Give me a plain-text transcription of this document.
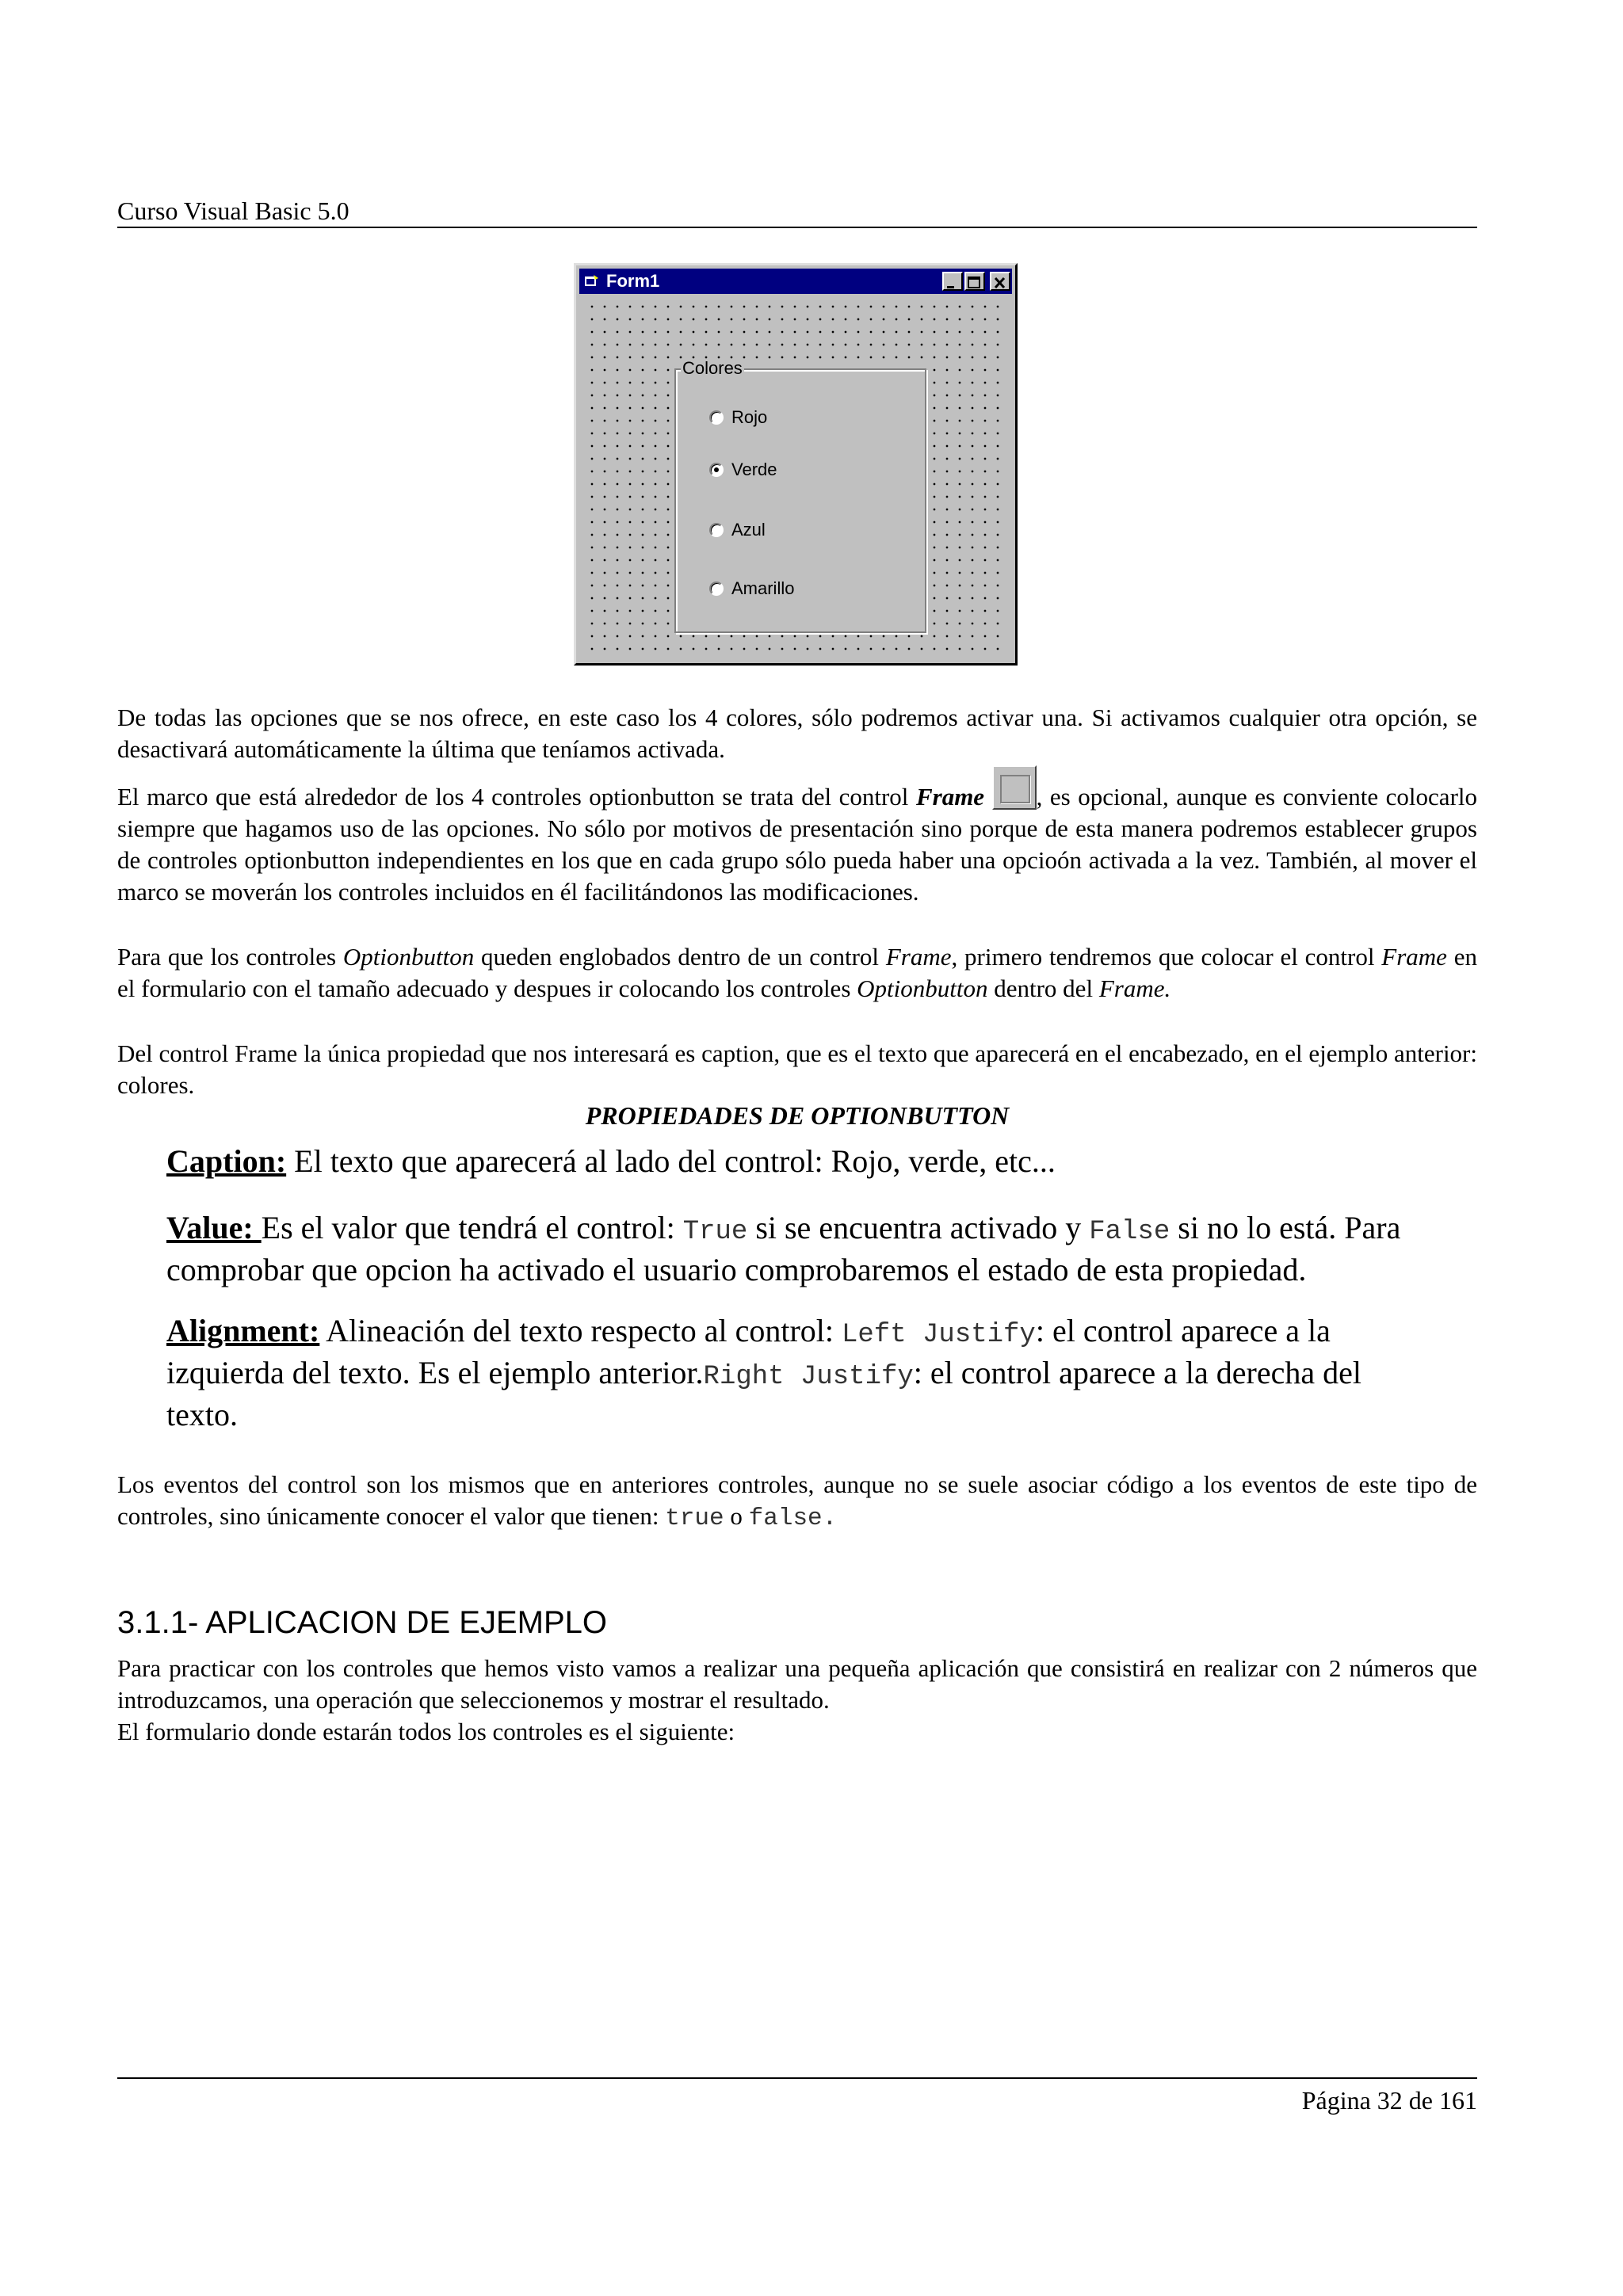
Curso Visual Basic 5.0
Form1
Colores
Rojo
Verde
Azul
Amarillo
De todas las opciones que se nos ofrece, en este caso los 4 colores, sólo podremos activar una. Si activamos cualquier otra opción, se desactivará automáticamente la última que teníamos activada.
El marco que está alrededor de los 4 controles optionbutton se trata del control Frame , es opcional, aunque es conviente colocarlo siempre que hagamos uso de las opciones. No sólo por motivos de presentación sino porque de esta manera podremos establecer grupos de controles optionbutton independientes en los que en cada grupo sólo pueda haber una opcioón activada a la vez. También, al mover el marco se moverán los controles incluidos en él facilitándonos las modificaciones.
Para que los controles Optionbutton queden englobados dentro de un control Frame, primero tendremos que colocar el control Frame en el formulario con el tamaño adecuado y despues ir colocando los controles Optionbutton dentro del Frame.
Del control Frame la única propiedad que nos interesará es caption, que es el texto que aparecerá en el encabezado, en el ejemplo anterior: colores.
PROPIEDADES DE OPTIONBUTTON
Caption: El texto que aparecerá al lado del control: Rojo, verde, etc...
Value: Es el valor que tendrá el control: True si se encuentra activado y False si no lo está. Para comprobar que opcion ha activado el usuario comprobaremos el estado de esta propiedad.
Alignment: Alineación del texto respecto al control: Left Justify: el control aparece a la izquierda del texto. Es el ejemplo anterior.Right Justify: el control aparece a la derecha del texto.
Los eventos del control son los mismos que en anteriores controles, aunque no se suele asociar código a los eventos de este tipo de controles, sino únicamente conocer el valor que tienen: true o false.
3.1.1- APLICACION DE EJEMPLO
Para practicar con los controles que hemos visto vamos a realizar una pequeña aplicación que consistirá en realizar con 2 números que introduzcamos, una operación que seleccionemos y mostrar el resultado.
El formulario donde estarán todos los controles es el siguiente:
Página 32 de 161
